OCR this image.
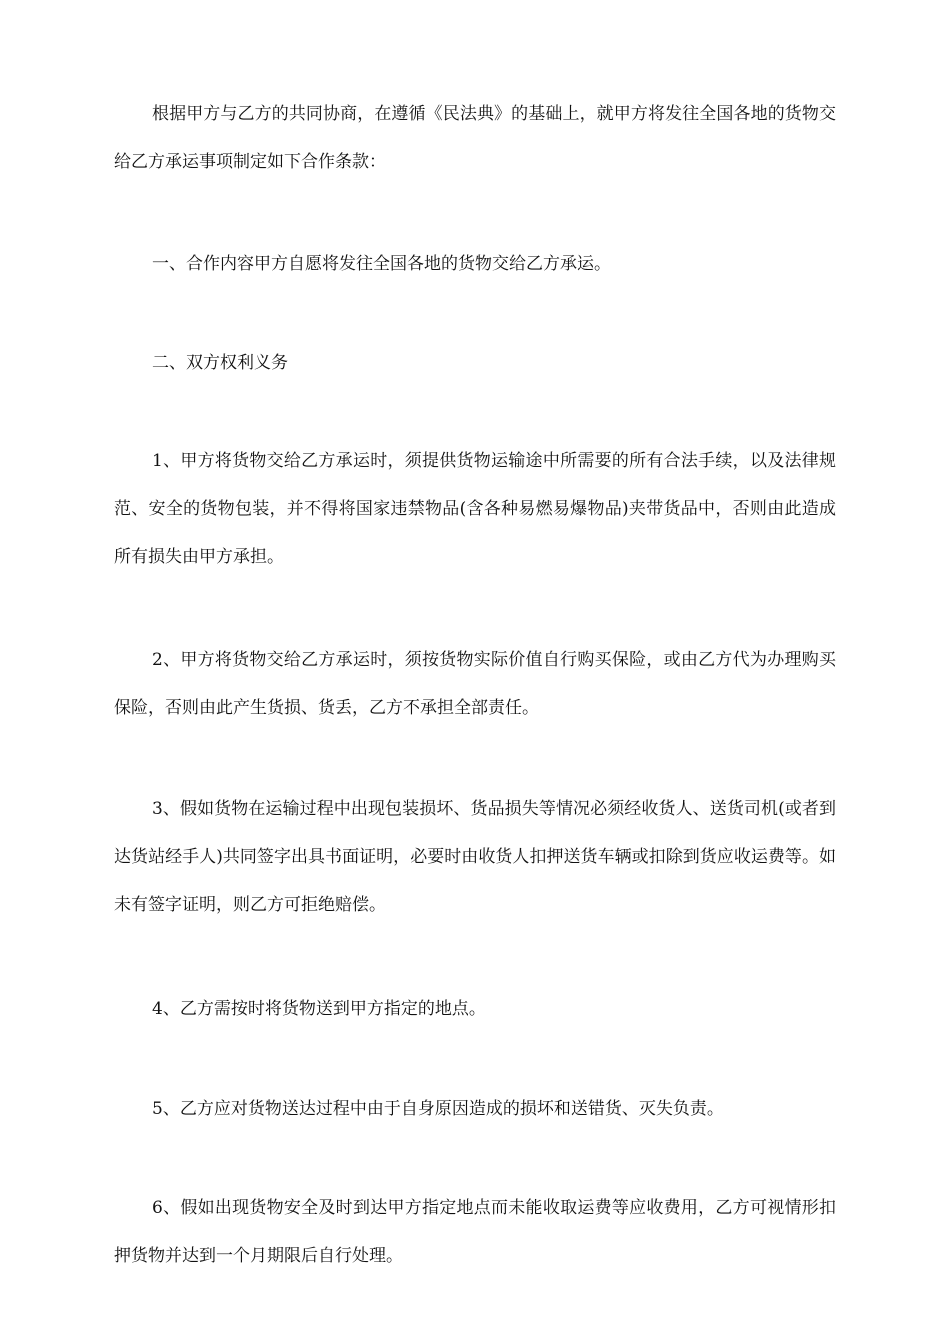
根据甲方与乙方的共同协商，在遵循《民法典》的基础上，就甲方将发往全国各地的货物交给乙方承运事项制定如下合作条款：

一、合作内容甲方自愿将发往全国各地的货物交给乙方承运。

二、双方权利义务

1、甲方将货物交给乙方承运时，须提供货物运输途中所需要的所有合法手续，以及法律规范、安全的货物包装，并不得将国家违禁物品(含各种易燃易爆物品)夹带货品中，否则由此造成所有损失由甲方承担。

2、甲方将货物交给乙方承运时，须按货物实际价值自行购买保险，或由乙方代为办理购买保险，否则由此产生货损、货丢，乙方不承担全部责任。

3、假如货物在运输过程中出现包装损坏、货品损失等情况必须经收货人、送货司机(或者到达货站经手人)共同签字出具书面证明，必要时由收货人扣押送货车辆或扣除到货应收运费等。如未有签字证明，则乙方可拒绝赔偿。

4、乙方需按时将货物送到甲方指定的地点。

5、乙方应对货物送达过程中由于自身原因造成的损坏和送错货、灭失负责。

6、假如出现货物安全及时到达甲方指定地点而未能收取运费等应收费用，乙方可视情形扣押货物并达到一个月期限后自行处理。
